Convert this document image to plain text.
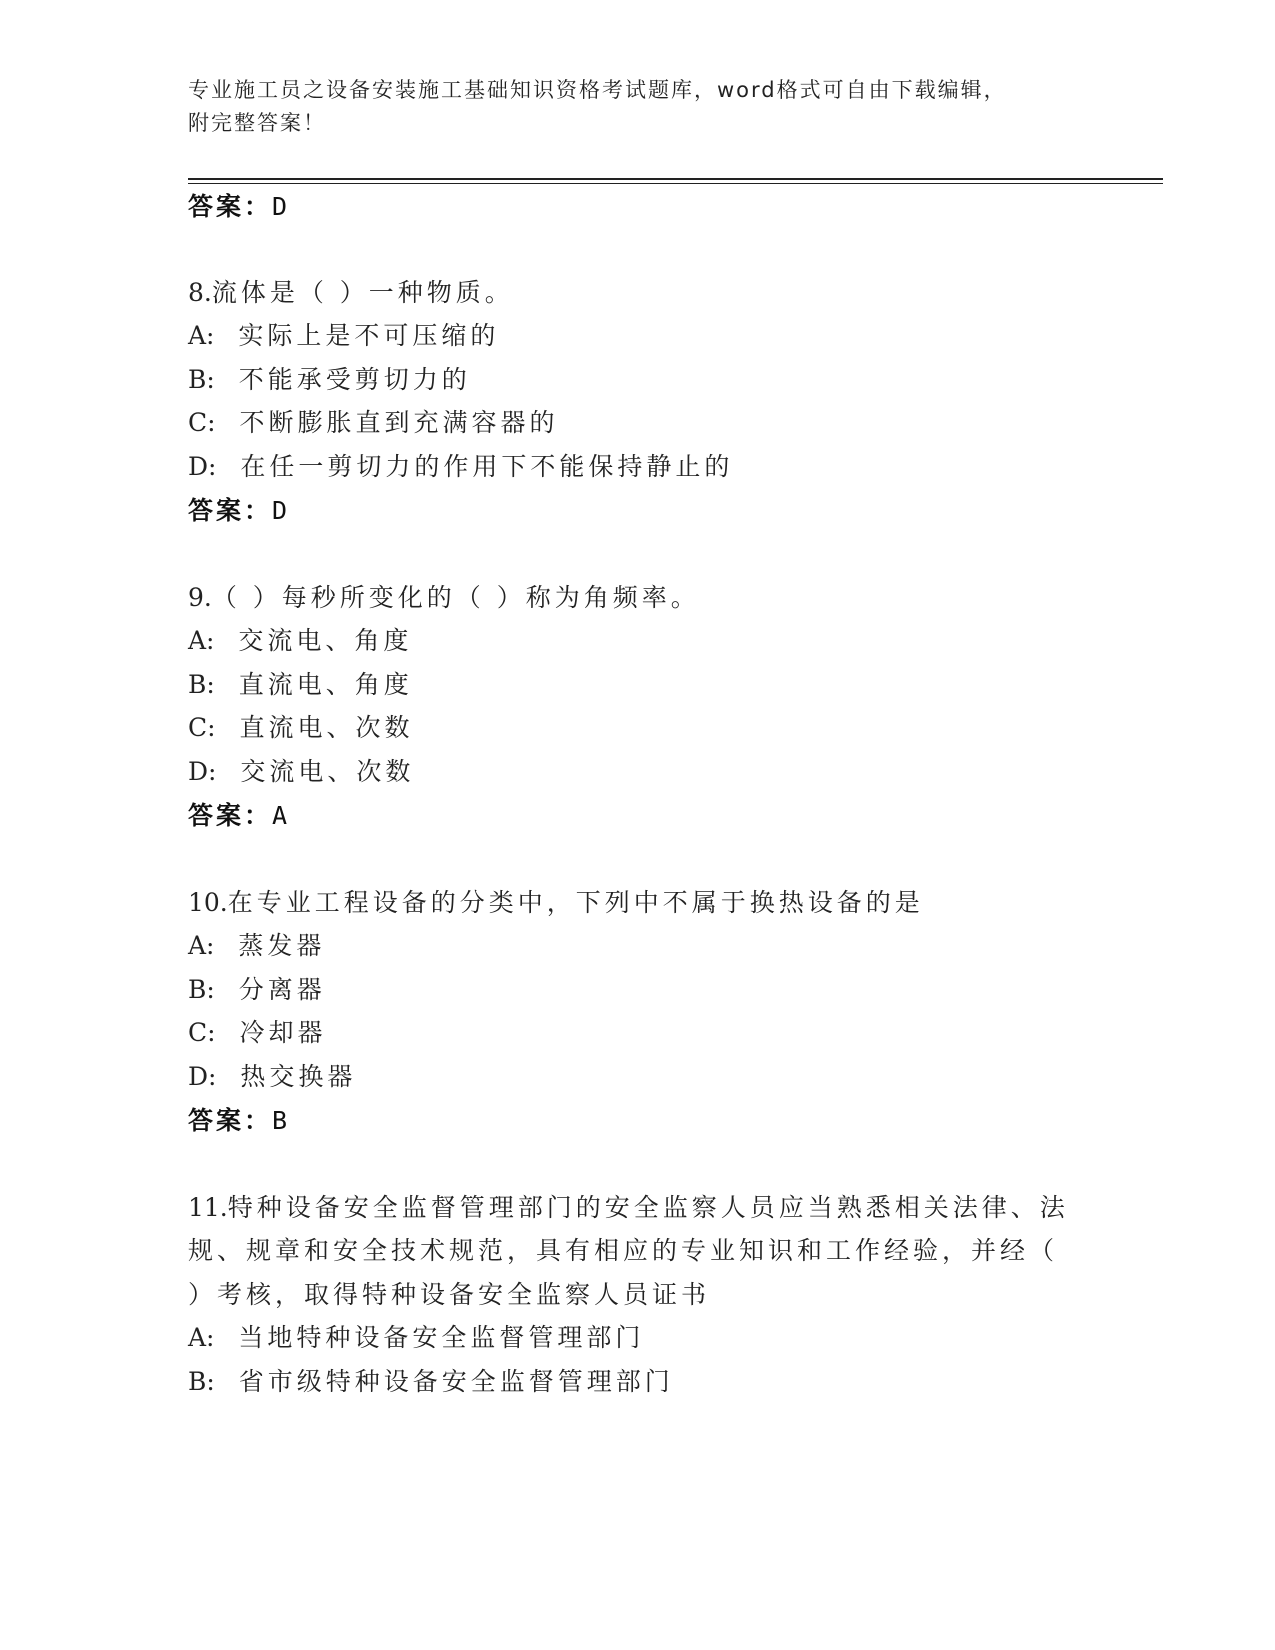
专业施工员之设备安装施工基础知识资格考试题库，word格式可自由下载编辑，
附完整答案！
答案：D
8.流体是（ ）一种物质。
A: 实际上是不可压缩的
B: 不能承受剪切力的
C: 不断膨胀直到充满容器的
D: 在任一剪切力的作用下不能保持静止的
答案：D
9.（ ）每秒所变化的（ ）称为角频率。
A: 交流电、角度
B: 直流电、角度
C: 直流电、次数
D: 交流电、次数
答案：A
10.在专业工程设备的分类中，下列中不属于换热设备的是
A: 蒸发器
B: 分离器
C: 冷却器
D: 热交换器
答案：B
11.特种设备安全监督管理部门的安全监察人员应当熟悉相关法律、法
规、规章和安全技术规范，具有相应的专业知识和工作经验，并经（
）考核，取得特种设备安全监察人员证书
A: 当地特种设备安全监督管理部门
B: 省市级特种设备安全监督管理部门
